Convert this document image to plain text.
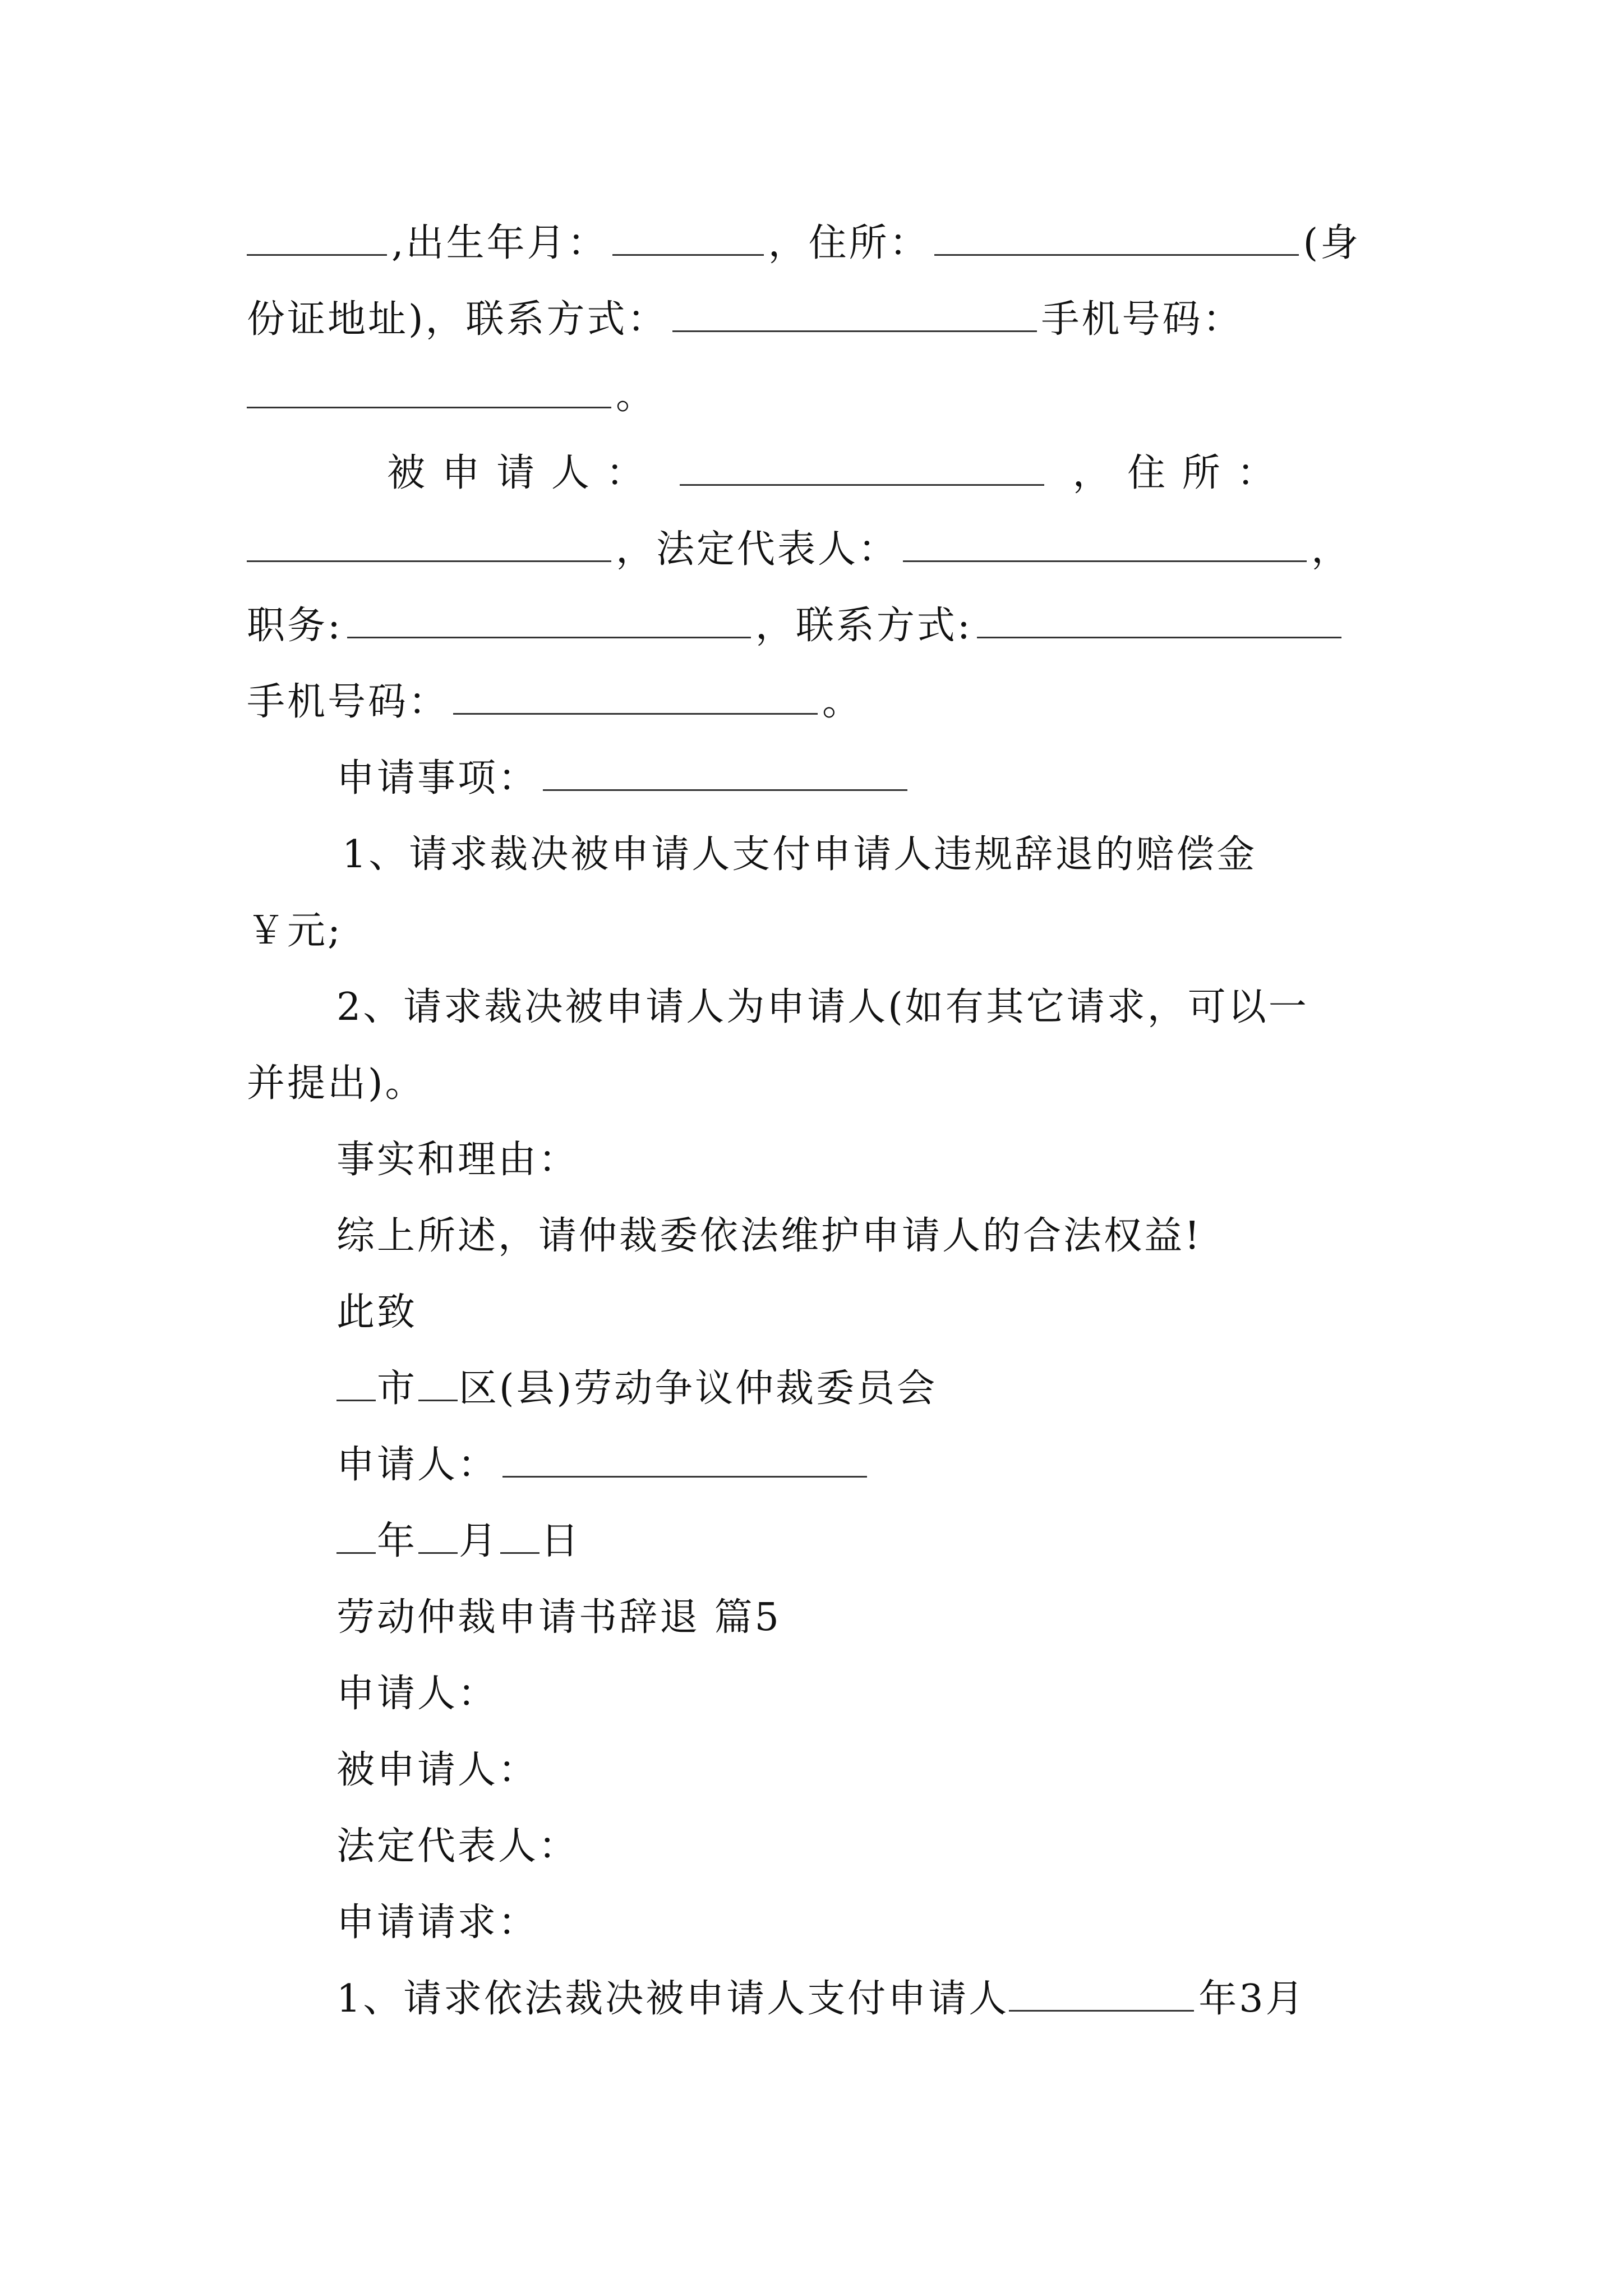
,出生年月：	，住所：	(身
份证地址)，联系方式：	手机号码：
。
被 申 请 人 ：	， 住 所 ：
，法定代表人：	，
职务:	，联系方式:
手机号码：	。
申请事项：
1、请求裁决被申请人支付申请人违规辞退的赔偿金
￥元;
2、请求裁决被申请人为申请人(如有其它请求，可以一
并提出)。
事实和理由：
综上所述，请仲裁委依法维护申请人的合法权益!
此致
市 区(县)劳动争议仲裁委员会
申请人：
年 月 日
劳动仲裁申请书辞退 篇5
申请人：
被申请人：
法定代表人：
申请请求：
1、请求依法裁决被申请人支付申请人	年3月
